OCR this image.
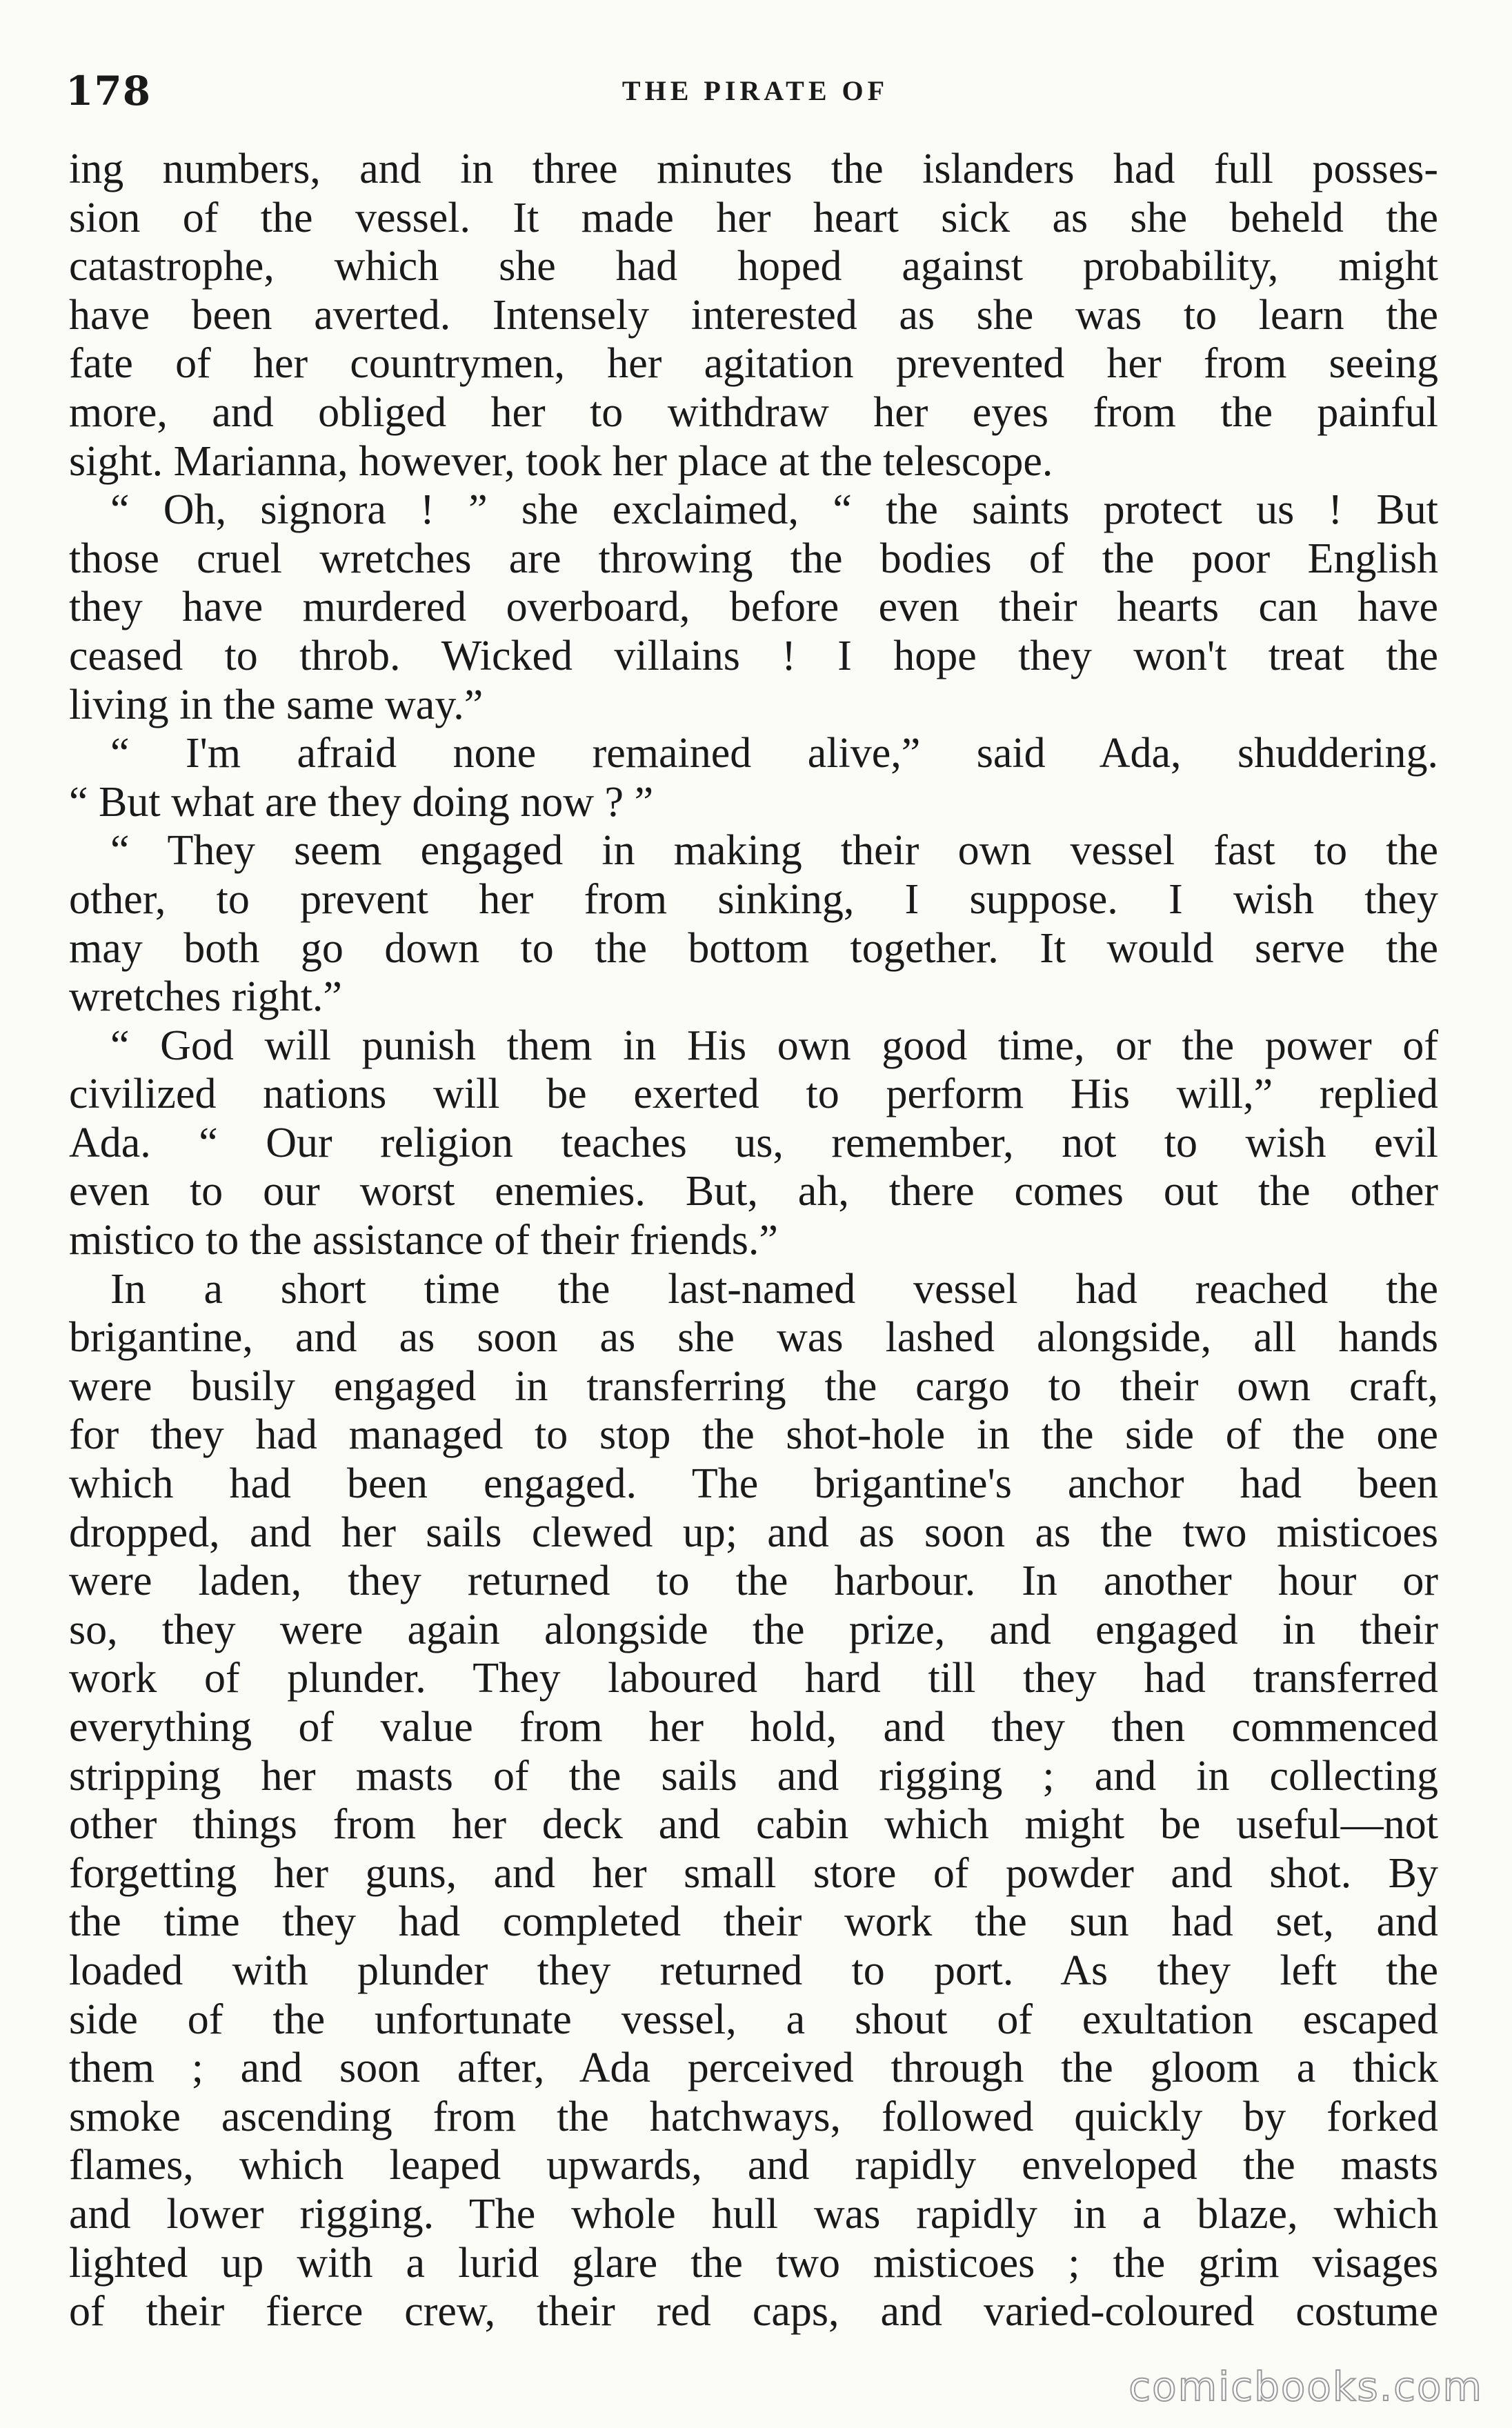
178	THE PIRATE OF
ing numbers, and in three minutes the islanders had full posses-
sion of the vessel. It made her heart sick as she beheld the
catastrophe, which she had hoped against probability, might
have been averted. Intensely interested as she was to learn the
fate of her countrymen, her agitation prevented her from seeing
more, and obliged her to withdraw her eyes from the painful
sight. Marianna, however, took her place at the telescope.
“ Oh, signora ! ” she exclaimed, “ the saints protect us ! But
those cruel wretches are throwing the bodies of the poor English
they have murdered overboard, before even their hearts can have
ceased to throb. Wicked villains ! I hope they won't treat the
living in the same way.”
“ I'm afraid none remained alive,” said Ada, shuddering.
“ But what are they doing now ? ”
“ They seem engaged in making their own vessel fast to the
other, to prevent her from sinking, I suppose. I wish they
may both go down to the bottom together. It would serve the
wretches right.”
“ God will punish them in His own good time, or the power of
civilized nations will be exerted to perform His will,” replied
Ada. “ Our religion teaches us, remember, not to wish evil
even to our worst enemies. But, ah, there comes out the other
mistico to the assistance of their friends.”
In a short time the last-named vessel had reached the
brigantine, and as soon as she was lashed alongside, all hands
were busily engaged in transferring the cargo to their own craft,
for they had managed to stop the shot-hole in the side of the one
which had been engaged. The brigantine's anchor had been
dropped, and her sails clewed up; and as soon as the two misticoes
were laden, they returned to the harbour. In another hour or
so, they were again alongside the prize, and engaged in their
work of plunder. They laboured hard till they had transferred
everything of value from her hold, and they then commenced
stripping her masts of the sails and rigging ; and in collecting
other things from her deck and cabin which might be useful—not
forgetting her guns, and her small store of powder and shot. By
the time they had completed their work the sun had set, and
loaded with plunder they returned to port. As they left the
side of the unfortunate vessel, a shout of exultation escaped
them ; and soon after, Ada perceived through the gloom a thick
smoke ascending from the hatchways, followed quickly by forked
flames, which leaped upwards, and rapidly enveloped the masts
and lower rigging. The whole hull was rapidly in a blaze, which
lighted up with a lurid glare the two misticoes ; the grim visages
of their fierce crew, their red caps, and varied-coloured costume
comicbooks.com
